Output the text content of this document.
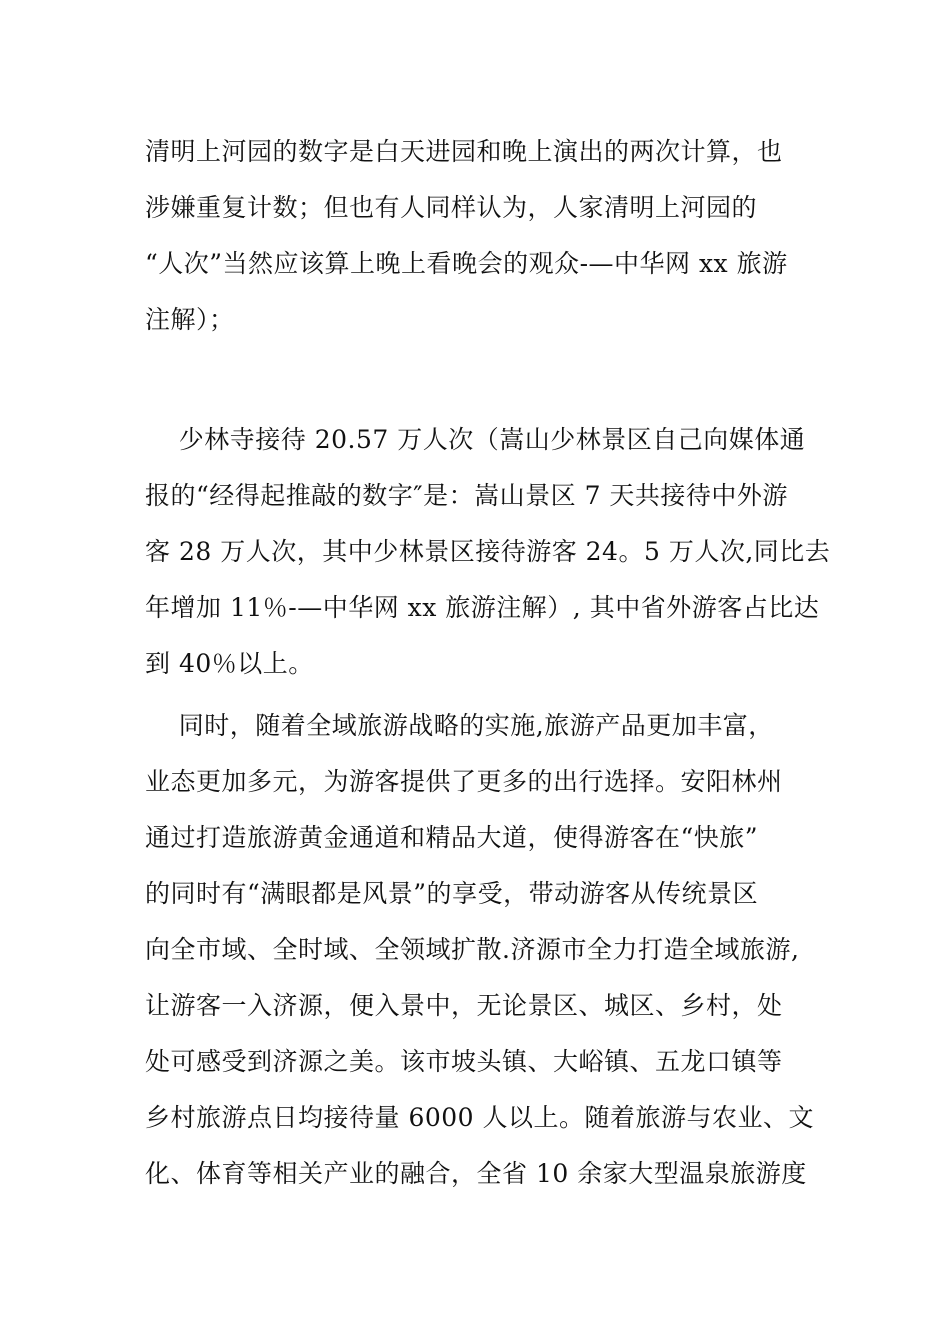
清明上河园的数字是白天进园和晚上演出的两次计算，也
涉嫌重复计数；但也有人同样认为，人家清明上河园的
“人次”当然应该算上晚上看晚会的观众-—中华网 xx 旅游
注解）；
少林寺接待 20.57 万人次（嵩山少林景区自己向媒体通
报的“经得起推敲的数字″是：嵩山景区 7 天共接待中外游
客 28 万人次，其中少林景区接待游客 24。5 万人次,同比去
年增加 11％-—中华网 xx 旅游注解）, 其中省外游客占比达
到 40％以上。
同时，随着全域旅游战略的实施,旅游产品更加丰富，
业态更加多元，为游客提供了更多的出行选择。安阳林州
通过打造旅游黄金通道和精品大道，使得游客在“快旅”
的同时有“满眼都是风景”的享受，带动游客从传统景区
向全市域、全时域、全领域扩散.济源市全力打造全域旅游,
让游客一入济源，便入景中，无论景区、城区、乡村，处
处可感受到济源之美。该市坡头镇、大峪镇、五龙口镇等
乡村旅游点日均接待量 6000 人以上。随着旅游与农业、文
化、体育等相关产业的融合，全省 10 余家大型温泉旅游度
